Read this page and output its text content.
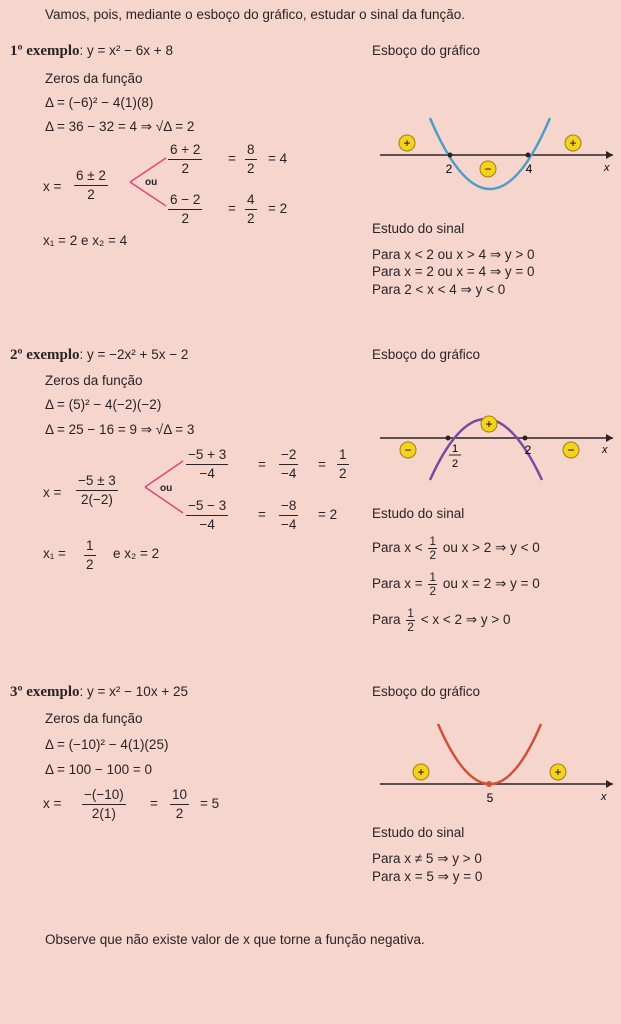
Vamos, pois, mediante o esboço do gráfico, estudar o sinal da função.
1º exemplo: y = x² − 6x + 8
Zeros da função
Δ = (−6)² − 4(1)(8)
Δ = 36 − 32 = 4 ⇒ √Δ = 2
$x = \frac{6 \pm 2}{2}$	ou
$\frac{6 + 2}{2} = \frac{8}{2} = 4$
$\frac{6 - 2}{2} = \frac{4}{2} = 2$
x₁ = 2 e x₂ = 4
Esboço do gráfico
+
−
+
2	4	x
Estudo do sinal
Para x < 2 ou x > 4 ⇒ y > 0
Para x = 2 ou x = 4 ⇒ y = 0
Para 2 < x < 4 ⇒ y < 0
2º exemplo: y = −2x² + 5x − 2
Zeros da função
Δ = (5)² − 4(−2)(−2)
Δ = 25 − 16 = 9 ⇒ √Δ = 3
$x = \frac{-5 \pm 3}{2(-2)}$	ou
$\frac{-5 + 3}{-4} = \frac{-2}{-4} = \frac{1}{2}$
$\frac{-5 - 3}{-4} = \frac{-8}{-4} = 2$
$x_1 = \frac{1}{2}$ e x₂ = 2
Esboço do gráfico
−
+
−
1
2
2	x
Estudo do sinal
Para $x < \frac{1}{2}$ ou x > 2 ⇒ y < 0
Para $x = \frac{1}{2}$ ou x = 2 ⇒ y = 0
Para $\frac{1}{2} < x < 2$ ⇒ y > 0
3º exemplo: y = x² − 10x + 25
Zeros da função
Δ = (−10)² − 4(1)(25)
Δ = 100 − 100 = 0
$x = \frac{-(-10)}{2(1)} = \frac{10}{2} = 5$
Esboço do gráfico
+	+
5	x
Estudo do sinal
Para x ≠ 5 ⇒ y > 0
Para x = 5 ⇒ y = 0
Observe que não existe valor de x que torne a função negativa.
